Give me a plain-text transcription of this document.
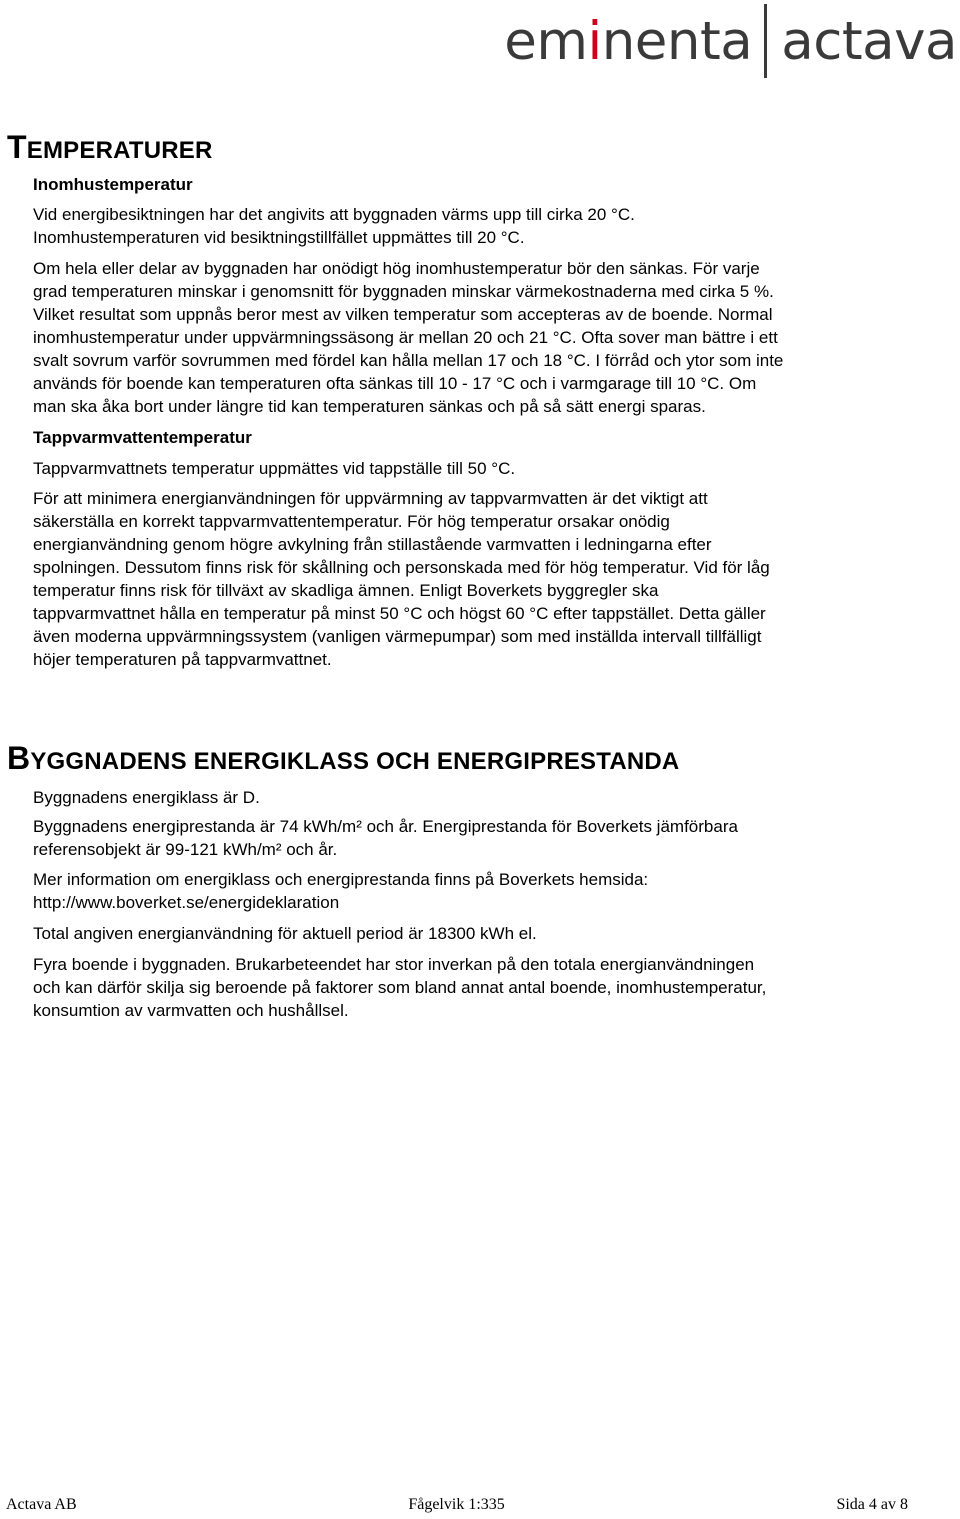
eminenta actava
TEMPERATURER
Inomhustemperatur
Vid energibesiktningen har det angivits att byggnaden värms upp till cirka 20 °C.
Inomhustemperaturen vid besiktningstillfället uppmättes till 20 °C.
Om hela eller delar av byggnaden har onödigt hög inomhustemperatur bör den sänkas. För varje
grad temperaturen minskar i genomsnitt för byggnaden minskar värmekostnaderna med cirka 5 %.
Vilket resultat som uppnås beror mest av vilken temperatur som accepteras av de boende. Normal
inomhustemperatur under uppvärmningssäsong är mellan 20 och 21 °C. Ofta sover man bättre i ett
svalt sovrum varför sovrummen med fördel kan hålla mellan 17 och 18 °C. I förråd och ytor som inte
används för boende kan temperaturen ofta sänkas till 10 - 17 °C och i varmgarage till 10 °C. Om
man ska åka bort under längre tid kan temperaturen sänkas och på så sätt energi sparas.
Tappvarmvattentemperatur
Tappvarmvattnets temperatur uppmättes vid tappställe till 50 °C.
För att minimera energianvändningen för uppvärmning av tappvarmvatten är det viktigt att
säkerställa en korrekt tappvarmvattentemperatur. För hög temperatur orsakar onödig
energianvändning genom högre avkylning från stillastående varmvatten i ledningarna efter
spolningen. Dessutom finns risk för skållning och personskada med för hög temperatur. Vid för låg
temperatur finns risk för tillväxt av skadliga ämnen. Enligt Boverkets byggregler ska
tappvarmvattnet hålla en temperatur på minst 50 °C och högst 60 °C efter tappstället. Detta gäller
även moderna uppvärmningssystem (vanligen värmepumpar) som med inställda intervall tillfälligt
höjer temperaturen på tappvarmvattnet.
BYGGNADENS ENERGIKLASS OCH ENERGIPRESTANDA
Byggnadens energiklass är D.
Byggnadens energiprestanda är 74 kWh/m² och år. Energiprestanda för Boverkets jämförbara
referensobjekt är 99-121 kWh/m² och år.
Mer information om energiklass och energiprestanda finns på Boverkets hemsida:
http://www.boverket.se/energideklaration
Total angiven energianvändning för aktuell period är 18300 kWh el.
Fyra boende i byggnaden. Brukarbeteendet har stor inverkan på den totala energianvändningen
och kan därför skilja sig beroende på faktorer som bland annat antal boende, inomhustemperatur,
konsumtion av varmvatten och hushållsel.
Actava AB	Fågelvik 1:335	Sida 4 av 8
